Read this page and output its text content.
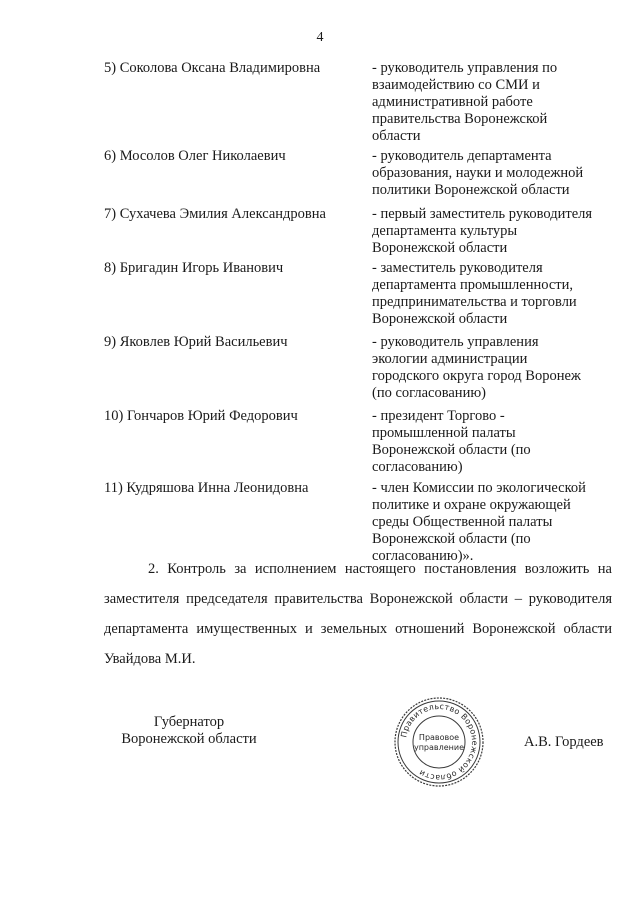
4
5) Соколова Оксана Владимировна	- руководитель управления по
взаимодействию со СМИ и
административной работе
правительства Воронежской
области
6) Мосолов Олег Николаевич	- руководитель департамента
образования, науки и молодежной
политики Воронежской области
7) Сухачева Эмилия Александровна	- первый заместитель руководителя
департамента культуры
Воронежской области
8) Бригадин Игорь Иванович	- заместитель руководителя
департамента промышленности,
предпринимательства и торговли
Воронежской области
9) Яковлев Юрий Васильевич	- руководитель управления
экологии администрации
городского округа город Воронеж
(по согласованию)
10) Гончаров Юрий Федорович	- президент Торгово -
промышленной палаты
Воронежской области (по
согласованию)
11) Кудряшова Инна Леонидовна	- член Комиссии по экологической
политике и охране окружающей
среды Общественной палаты
Воронежской области (по
согласованию)».
2. Контроль за исполнением настоящего постановления возложить на заместителя председателя правительства Воронежской области – руководителя департамента имущественных и земельных отношений Воронежской области Увайдова М.И.
Губернатор
Воронежской области	А.В. Гордеев
Правительство Воронежской области
Правовое
управление
